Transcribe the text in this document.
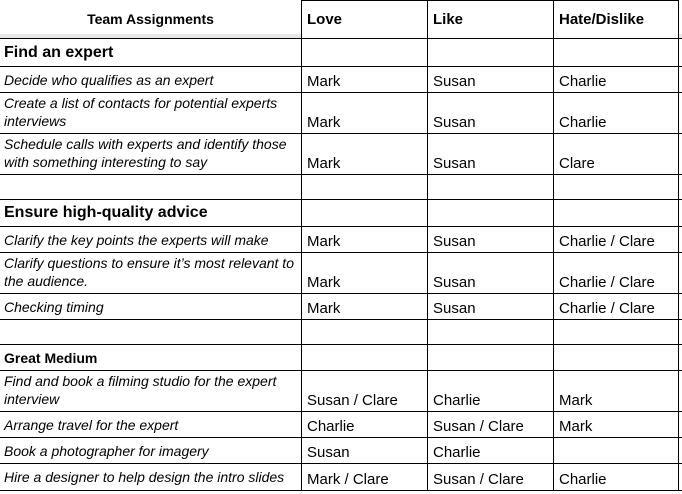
Team Assignments	Love	Like	Hate/Dislike
Find an expert
Decide who qualifies as an expert	Mark	Susan	Charlie
Create a list of contacts for potential experts interviews	Mark	Susan	Charlie
Schedule calls with experts and identify those with something interesting to say	Mark	Susan	Clare
Ensure high-quality advice
Clarify the key points the experts will make	Mark	Susan	Charlie / Clare
Clarify questions to ensure it’s most relevant to the audience.	Mark	Susan	Charlie / Clare
Checking timing	Mark	Susan	Charlie / Clare
Great Medium
Find and book a filming studio for the expert interview	Susan / Clare	Charlie	Mark
Arrange travel for the expert	Charlie	Susan / Clare	Mark
Book a photographer for imagery	Susan	Charlie
Hire a designer to help design the intro slides	Mark / Clare	Susan / Clare	Charlie
